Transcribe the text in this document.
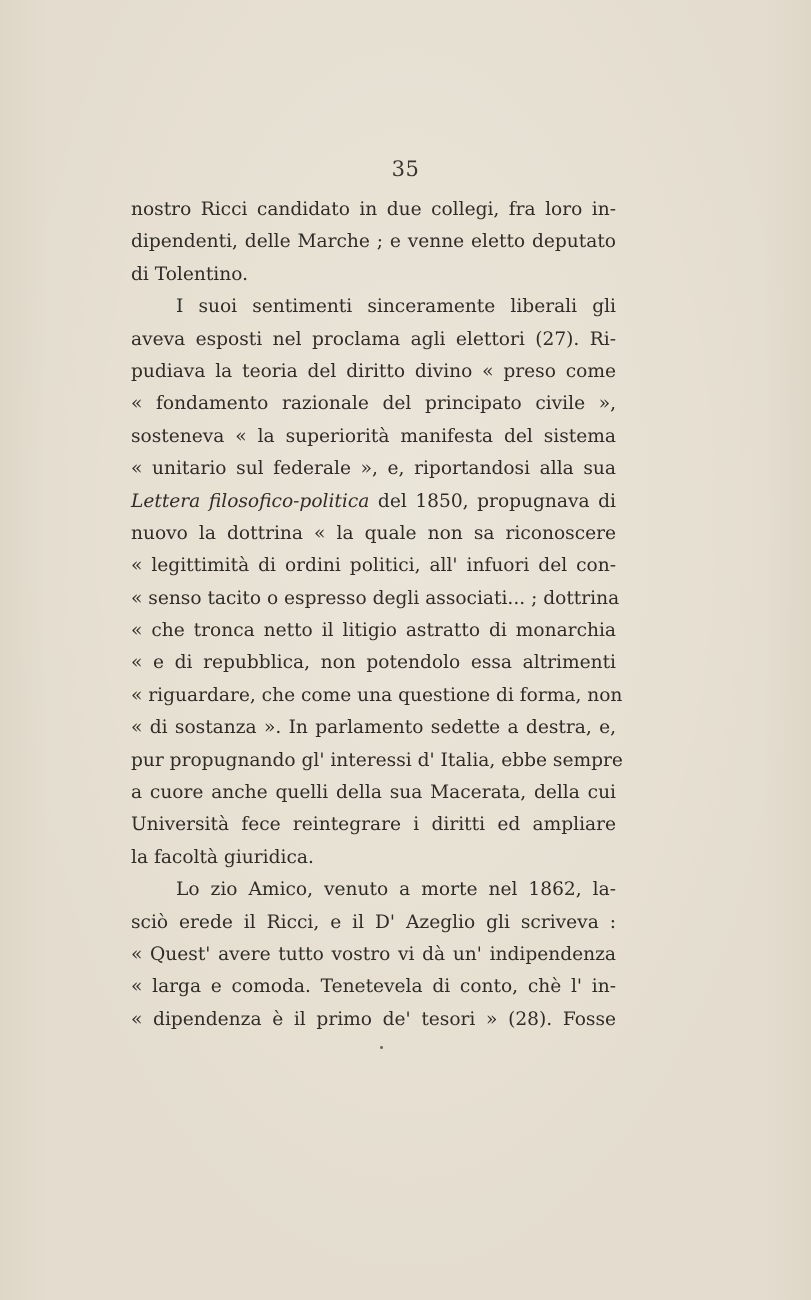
35
nostro Ricci candidato in due collegi, fra loro in-
dipendenti, delle Marche ; e venne eletto deputato
di Tolentino.
I suoi sentimenti sinceramente liberali gli
aveva esposti nel proclama agli elettori (27). Ri-
pudiava la teoria del diritto divino « preso come
« fondamento razionale del principato civile »,
sosteneva « la superiorità manifesta del sistema
« unitario sul federale », e, riportandosi alla sua
Lettera filosofico-politica del 1850, propugnava di
nuovo la dottrina « la quale non sa riconoscere
« legittimità di ordini politici, all' infuori del con-
« senso tacito o espresso degli associati... ; dottrina
« che tronca netto il litigio astratto di monarchia
« e di repubblica, non potendolo essa altrimenti
« riguardare, che come una questione di forma, non
« di sostanza ». In parlamento sedette a destra, e,
pur propugnando gl' interessi d' Italia, ebbe sempre
a cuore anche quelli della sua Macerata, della cui
Università fece reintegrare i diritti ed ampliare
la facoltà giuridica.
Lo zio Amico, venuto a morte nel 1862, la-
sciò erede il Ricci, e il D' Azeglio gli scriveva :
« Quest' avere tutto vostro vi dà un' indipendenza
« larga e comoda. Tenetevela di conto, chè l' in-
« dipendenza è il primo de' tesori » (28). Fosse
